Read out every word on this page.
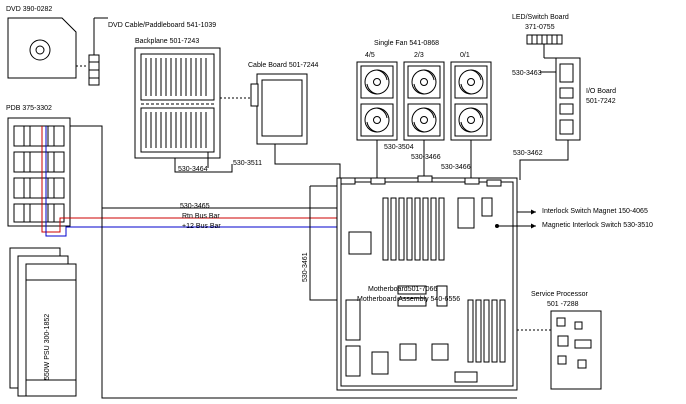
DVD 390-0282
DVD Cable/Paddleboard 541-1039
Backplane 501-7243
Cable Board 501-7244
Single Fan 541-0868
4/5	2/3	0/1
LED/Switch Board
371-0755
I/O Board
501-7242
PDB 375-3302
Motherboard501-7066
Motherboard Assembly 540-6556
Service Processor
501 -7288
Interlock Switch Magnet 150-4065
Magnetic Interlock Switch 530-3510
530-3463
530-3464
530-3511
530-3504
530-3466
530-3466
530-3462
530-3465
Rtn Bus Bar
+12 Bus Bar
530-3461
550W PSU 300-1852
